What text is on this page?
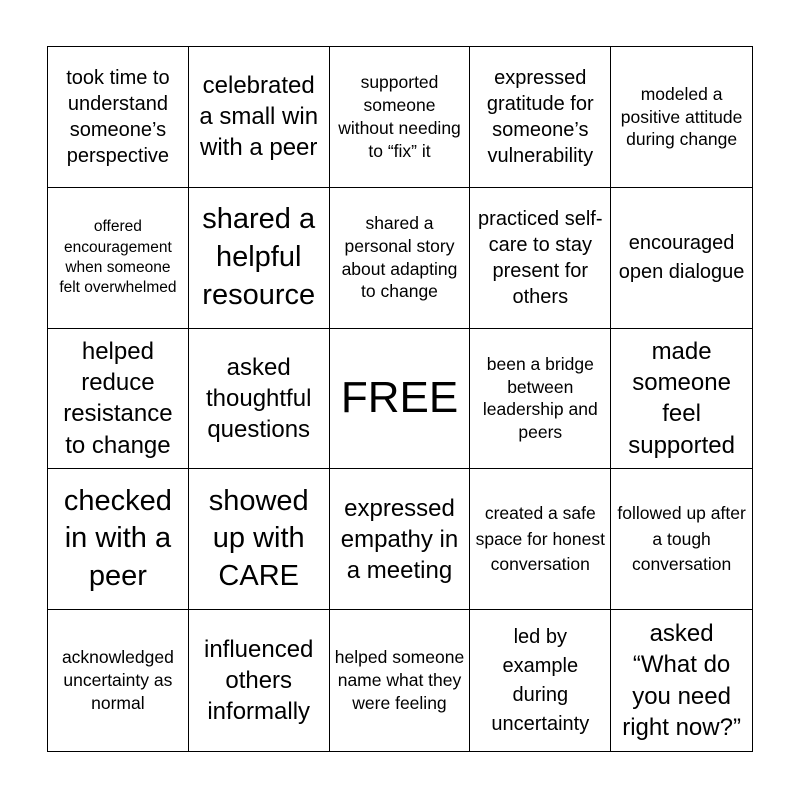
took time to understand someone’s perspective
celebrated a small win with a peer
supported someone without needing to “fix” it
expressed gratitude for someone’s vulnerability
modeled a positive attitude during change
offered encouragement when someone felt overwhelmed
shared a helpful resource
shared a personal story about adapting to change
practiced self-care to stay present for others
encouraged open dialogue
helped reduce resistance to change
asked thoughtful questions
FREE
been a bridge between leadership and peers
made someone feel supported
checked in with a peer
showed up with CARE
expressed empathy in a meeting
created a safe space for honest conversation
followed up after a tough conversation
acknowledged uncertainty as normal
influenced others informally
helped someone name what they were feeling
led by example during uncertainty
asked “What do you need right now?”
